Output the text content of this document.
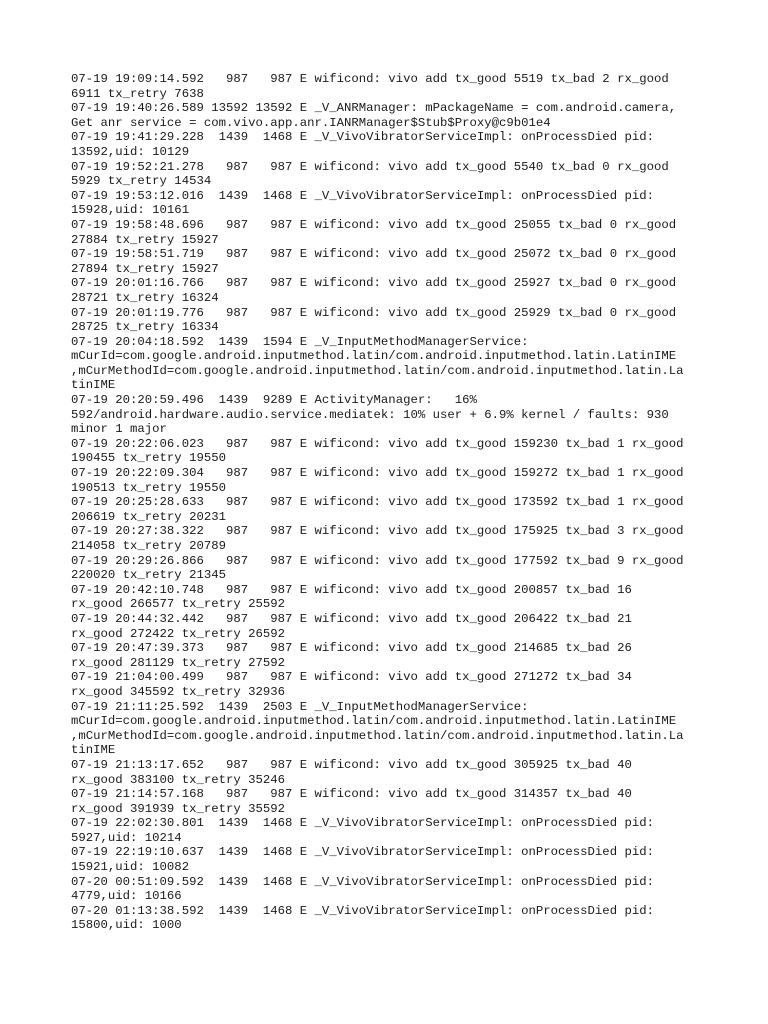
07-19 19:09:14.592   987   987 E wificond: vivo add tx_good 5519 tx_bad 2 rx_good
6911 tx_retry 7638
07-19 19:40:26.589 13592 13592 E _V_ANRManager: mPackageName = com.android.camera,
Get anr service = com.vivo.app.anr.IANRManager$Stub$Proxy@c9b01e4
07-19 19:41:29.228  1439  1468 E _V_VivoVibratorServiceImpl: onProcessDied pid:
13592,uid: 10129
07-19 19:52:21.278   987   987 E wificond: vivo add tx_good 5540 tx_bad 0 rx_good
5929 tx_retry 14534
07-19 19:53:12.016  1439  1468 E _V_VivoVibratorServiceImpl: onProcessDied pid:
15928,uid: 10161
07-19 19:58:48.696   987   987 E wificond: vivo add tx_good 25055 tx_bad 0 rx_good
27884 tx_retry 15927
07-19 19:58:51.719   987   987 E wificond: vivo add tx_good 25072 tx_bad 0 rx_good
27894 tx_retry 15927
07-19 20:01:16.766   987   987 E wificond: vivo add tx_good 25927 tx_bad 0 rx_good
28721 tx_retry 16324
07-19 20:01:19.776   987   987 E wificond: vivo add tx_good 25929 tx_bad 0 rx_good
28725 tx_retry 16334
07-19 20:04:18.592  1439  1594 E _V_InputMethodManagerService:
mCurId=com.google.android.inputmethod.latin/com.android.inputmethod.latin.LatinIME
,mCurMethodId=com.google.android.inputmethod.latin/com.android.inputmethod.latin.La
tinIME
07-19 20:20:59.496  1439  9289 E ActivityManager:   16%
592/android.hardware.audio.service.mediatek: 10% user + 6.9% kernel / faults: 930
minor 1 major
07-19 20:22:06.023   987   987 E wificond: vivo add tx_good 159230 tx_bad 1 rx_good
190455 tx_retry 19550
07-19 20:22:09.304   987   987 E wificond: vivo add tx_good 159272 tx_bad 1 rx_good
190513 tx_retry 19550
07-19 20:25:28.633   987   987 E wificond: vivo add tx_good 173592 tx_bad 1 rx_good
206619 tx_retry 20231
07-19 20:27:38.322   987   987 E wificond: vivo add tx_good 175925 tx_bad 3 rx_good
214058 tx_retry 20789
07-19 20:29:26.866   987   987 E wificond: vivo add tx_good 177592 tx_bad 9 rx_good
220020 tx_retry 21345
07-19 20:42:10.748   987   987 E wificond: vivo add tx_good 200857 tx_bad 16
rx_good 266577 tx_retry 25592
07-19 20:44:32.442   987   987 E wificond: vivo add tx_good 206422 tx_bad 21
rx_good 272422 tx_retry 26592
07-19 20:47:39.373   987   987 E wificond: vivo add tx_good 214685 tx_bad 26
rx_good 281129 tx_retry 27592
07-19 21:04:00.499   987   987 E wificond: vivo add tx_good 271272 tx_bad 34
rx_good 345592 tx_retry 32936
07-19 21:11:25.592  1439  2503 E _V_InputMethodManagerService:
mCurId=com.google.android.inputmethod.latin/com.android.inputmethod.latin.LatinIME
,mCurMethodId=com.google.android.inputmethod.latin/com.android.inputmethod.latin.La
tinIME
07-19 21:13:17.652   987   987 E wificond: vivo add tx_good 305925 tx_bad 40
rx_good 383100 tx_retry 35246
07-19 21:14:57.168   987   987 E wificond: vivo add tx_good 314357 tx_bad 40
rx_good 391939 tx_retry 35592
07-19 22:02:30.801  1439  1468 E _V_VivoVibratorServiceImpl: onProcessDied pid:
5927,uid: 10214
07-19 22:19:10.637  1439  1468 E _V_VivoVibratorServiceImpl: onProcessDied pid:
15921,uid: 10082
07-20 00:51:09.592  1439  1468 E _V_VivoVibratorServiceImpl: onProcessDied pid:
4779,uid: 10166
07-20 01:13:38.592  1439  1468 E _V_VivoVibratorServiceImpl: onProcessDied pid:
15800,uid: 1000
